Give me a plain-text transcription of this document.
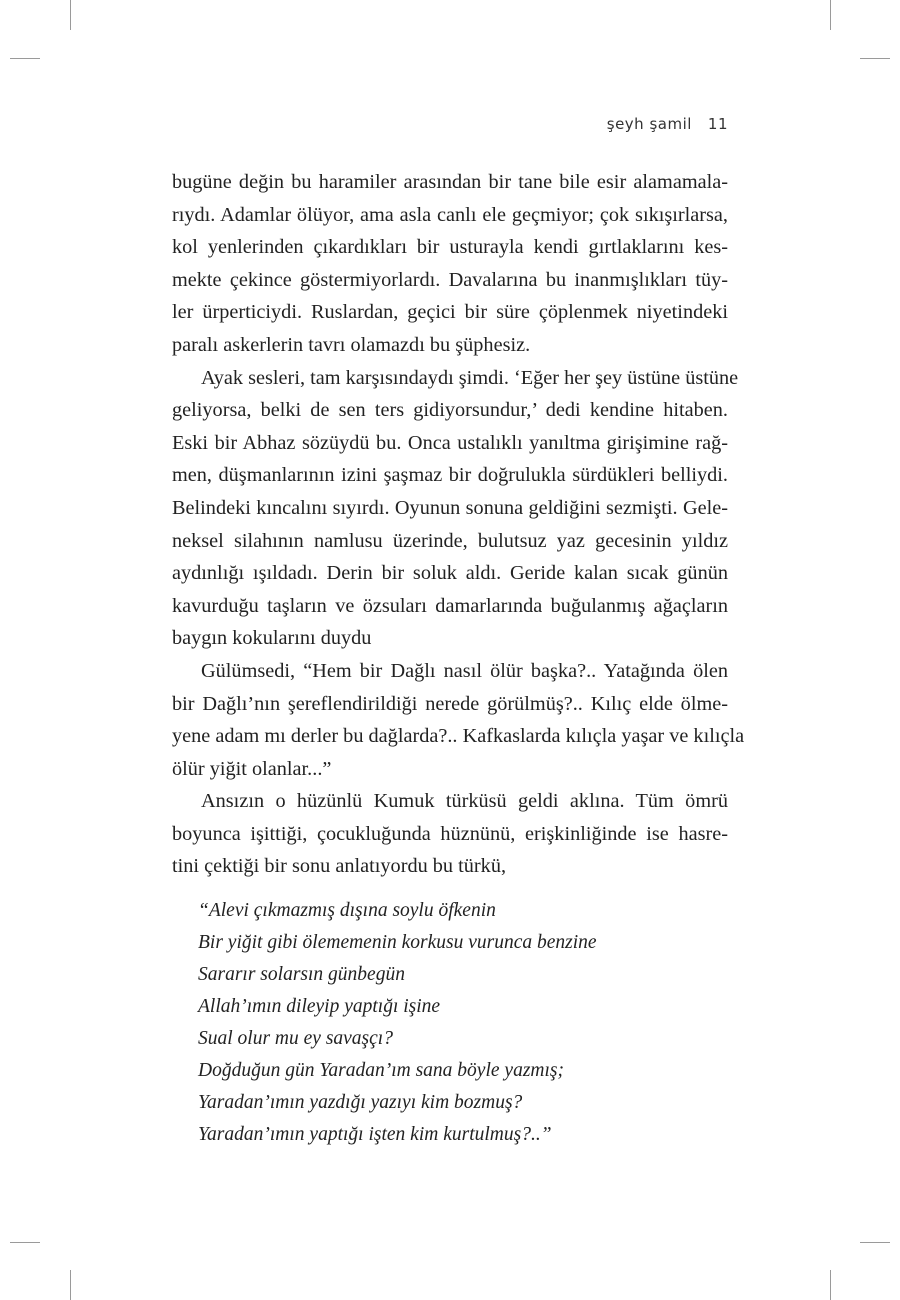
şeyh şamil 11

bugüne değin bu haramiler arasından bir tane bile esir alamamala-
rıydı. Adamlar ölüyor, ama asla canlı ele geçmiyor; çok sıkışırlarsa,
kol yenlerinden çıkardıkları bir usturayla kendi gırtlaklarını kes-
mekte çekince göstermiyorlardı. Davalarına bu inanmışlıkları tüy-
ler ürperticiydi. Ruslardan, geçici bir süre çöplenmek niyetindeki
paralı askerlerin tavrı olamazdı bu şüphesiz.

Ayak sesleri, tam karşısındaydı şimdi. ‘Eğer her şey üstüne üstüne
geliyorsa, belki de sen ters gidiyorsundur,’ dedi kendine hitaben.
Eski bir Abhaz sözüydü bu. Onca ustalıklı yanıltma girişimine rağ-
men, düşmanlarının izini şaşmaz bir doğrulukla sürdükleri belliydi.
Belindeki kıncalını sıyırdı. Oyunun sonuna geldiğini sezmişti. Gele-
neksel silahının namlusu üzerinde, bulutsuz yaz gecesinin yıldız
aydınlığı ışıldadı. Derin bir soluk aldı. Geride kalan sıcak günün
kavurduğu taşların ve özsuları damarlarında buğulanmış ağaçların
baygın kokularını duydu

Gülümsedi, “Hem bir Dağlı nasıl ölür başka?.. Yatağında ölen
bir Dağlı’nın şereflendirildiği nerede görülmüş?.. Kılıç elde ölme-
yene adam mı derler bu dağlarda?.. Kafkaslarda kılıçla yaşar ve kılıçla
ölür yiğit olanlar...”

Ansızın o hüzünlü Kumuk türküsü geldi aklına. Tüm ömrü
boyunca işittiği, çocukluğunda hüznünü, erişkinliğinde ise hasre-
tini çektiği bir sonu anlatıyordu bu türkü,

“Alevi çıkmazmış dışına soylu öfkenin
Bir yiğit gibi ölememenin korkusu vurunca benzine
Sararır solarsın günbegün
Allah’ımın dileyip yaptığı işine
Sual olur mu ey savaşçı?
Doğduğun gün Yaradan’ım sana böyle yazmış;
Yaradan’ımın yazdığı yazıyı kim bozmuş?
Yaradan’ımın yaptığı işten kim kurtulmuş?..”
